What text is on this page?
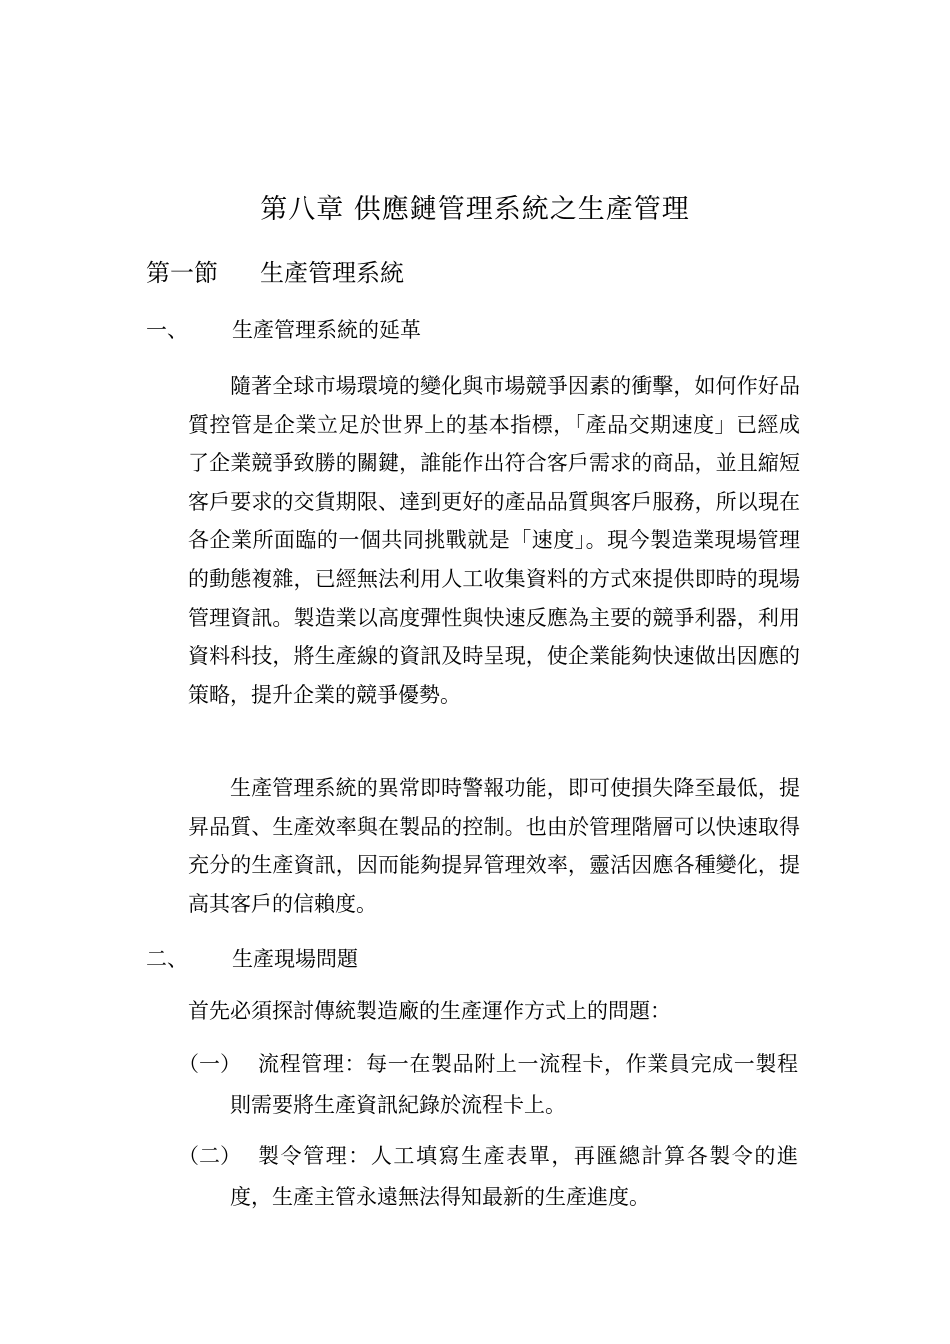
第八章 供應鏈管理系統之生產管理
第一節 生產管理系統
一、 生產管理系統的延革

隨著全球市場環境的變化與市場競爭因素的衝擊，如何作好品質控管是企業立足於世界上的基本指標，「產品交期速度」已經成了企業競爭致勝的關鍵，誰能作出符合客戶需求的商品，並且縮短客戶要求的交貨期限、達到更好的產品品質與客戶服務，所以現在各企業所面臨的一個共同挑戰就是「速度」。現今製造業現場管理的動態複雜，已經無法利用人工收集資料的方式來提供即時的現場管理資訊。製造業以高度彈性與快速反應為主要的競爭利器，利用資料科技，將生產線的資訊及時呈現，使企業能夠快速做出因應的策略，提升企業的競爭優勢。

生產管理系統的異常即時警報功能，即可使損失降至最低，提昇品質、生產效率與在製品的控制。也由於管理階層可以快速取得充分的生產資訊，因而能夠提昇管理效率，靈活因應各種變化，提高其客戶的信賴度。

二、 生產現場問題
首先必須探討傳統製造廠的生產運作方式上的問題：
（一） 流程管理：每一在製品附上一流程卡，作業員完成一製程則需要將生產資訊紀錄於流程卡上。
（二） 製令管理：人工填寫生產表單，再匯總計算各製令的進度，生產主管永遠無法得知最新的生產進度。
